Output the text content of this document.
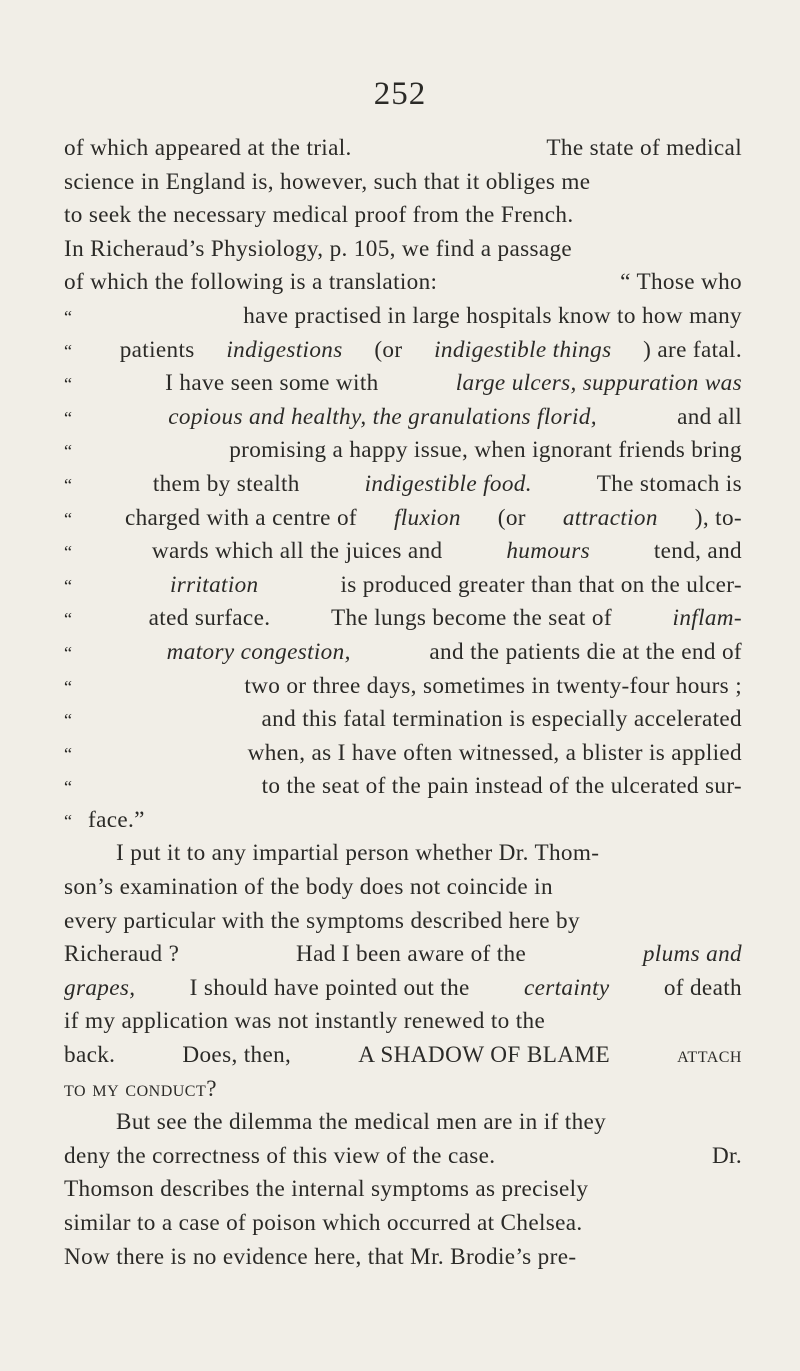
252
of which appeared at the trial.	The state of medical
science in England is, however, such that it obliges me
to seek the necessary medical proof from the French.
In Richeraud’s Physiology, p. 105, we find a passage
of which the following is a translation:	“ Those who
“	have practised in large hospitals know to how many
“	patients indigestions (or indigestible things ) are fatal.
“	I have seen some with	large ulcers, suppuration was
“	copious and healthy, the granulations florid,	and all
“	promising a happy issue, when ignorant friends bring
“	them by stealth	indigestible food.	The stomach is
“	charged with a centre of fluxion (or attraction ), to-
“	wards which all the juices and	humours	tend, and
“	irritation	is produced greater than that on the ulcer-
“	ated surface.	The lungs become the seat of	inflam-
“	matory congestion,	and the patients die at the end of
“	two or three days, sometimes in twenty-four hours ;
“	and this fatal termination is especially accelerated
“	when, as I have often witnessed, a blister is applied
“	to the seat of the pain instead of the ulcerated sur-
“ face.”
I put it to any impartial person whether Dr. Thom-
son’s examination of the body does not coincide in
every particular with the symptoms described here by
Richeraud ?	Had I been aware of the	plums and
grapes, I should have pointed out the certainty of death
if my application was not instantly renewed to the
back.	Does, then,	A SHADOW OF BLAME	attach
to my conduct ?
But see the dilemma the medical men are in if they
deny the correctness of this view of the case.	Dr.
Thomson describes the internal symptoms as precisely
similar to a case of poison which occurred at Chelsea.
Now there is no evidence here, that Mr. Brodie’s pre-
